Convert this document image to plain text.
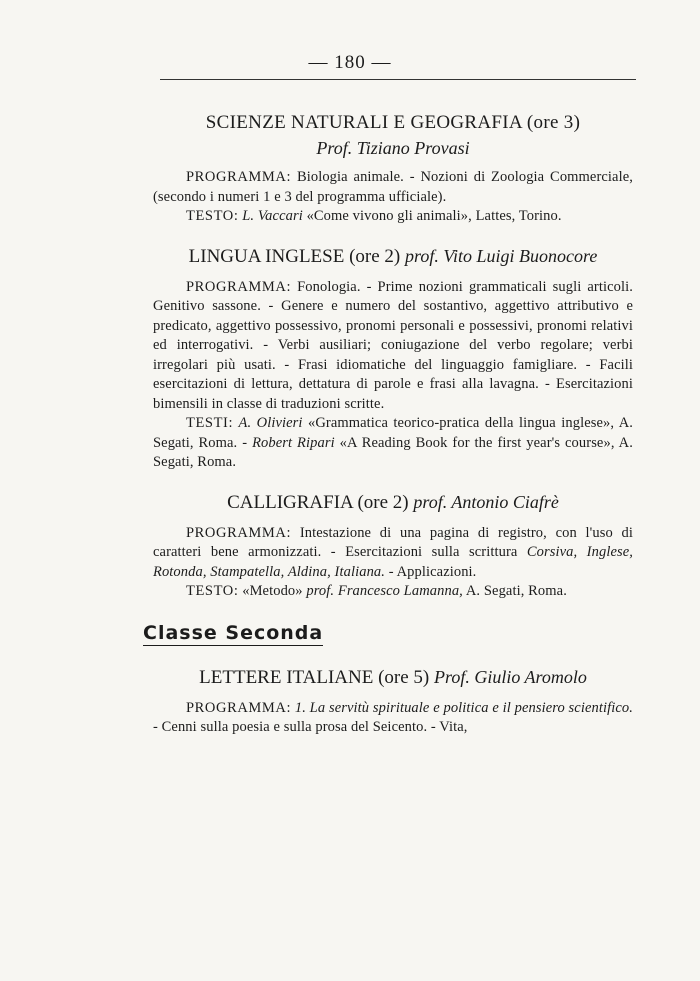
— 180 —

SCIENZE NATURALI E GEOGRAFIA (ore 3)

Prof. Tiziano Provasi

PROGRAMMA: Biologia animale. - Nozioni di Zoologia Commerciale, (secondo i numeri 1 e 3 del programma ufficiale).

TESTO: L. Vaccari «Come vivono gli animali», Lattes, Torino.

LINGUA INGLESE (ore 2) prof. Vito Luigi Buonocore

PROGRAMMA: Fonologia. - Prime nozioni grammaticali sugli articoli. Genitivo sassone. - Genere e numero del sostantivo, aggettivo attributivo e predicato, aggettivo possessivo, pronomi personali e possessivi, pronomi relativi ed interrogativi. - Verbi ausiliari; coniugazione del verbo regolare; verbi irregolari più usati. - Frasi idiomatiche del linguaggio famigliare. - Facili esercitazioni di lettura, dettatura di parole e frasi alla lavagna. - Esercitazioni bimensili in classe di traduzioni scritte.

TESTI: A. Olivieri «Grammatica teorico-pratica della lingua inglese», A. Segati, Roma. - Robert Ripari «A Reading Book for the first year's course», A. Segati, Roma.

CALLIGRAFIA (ore 2) prof. Antonio Ciafrè

PROGRAMMA: Intestazione di una pagina di registro, con l'uso di caratteri bene armonizzati. - Esercitazioni sulla scrittura Corsiva, Inglese, Rotonda, Stampatella, Aldina, Italiana. - Applicazioni.

TESTO: «Metodo» prof. Francesco Lamanna, A. Segati, Roma.

Classe Seconda

LETTERE ITALIANE (ore 5) Prof. Giulio Aromolo

PROGRAMMA: 1. La servitù spirituale e politica e il pensiero scientifico. - Cenni sulla poesia e sulla prosa del Seicento. - Vita,
